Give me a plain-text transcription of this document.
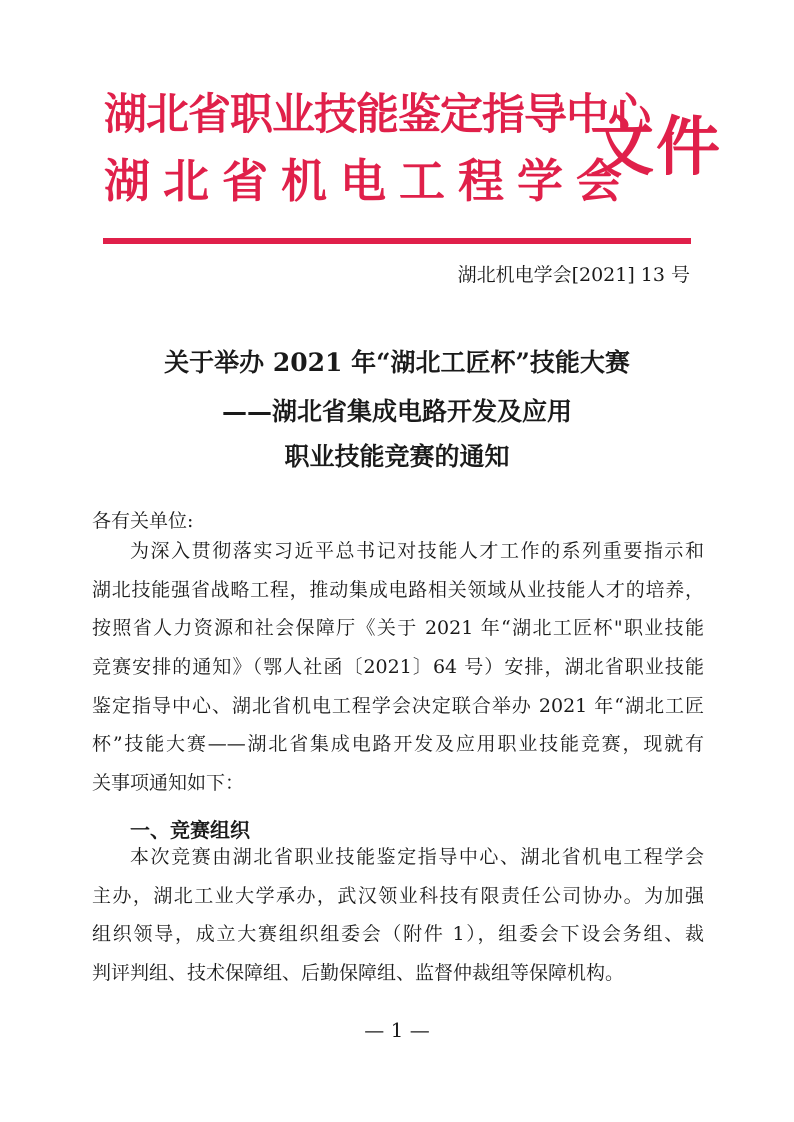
湖北省职业技能鉴定指导中心
湖北省机电工程学会
文件
湖北机电学会[2021] 13 号
关于举办 2021 年“湖北工匠杯”技能大赛
——湖北省集成电路开发及应用
职业技能竞赛的通知
各有关单位:
为深入贯彻落实习近平总书记对技能人才工作的系列重要指示和
湖北技能强省战略工程，推动集成电路相关领域从业技能人才的培养，
按照省人力资源和社会保障厅《关于 2021 年“湖北工匠杯"职业技能
竞赛安排的通知》（鄂人社函〔2021〕64 号）安排，湖北省职业技能
鉴定指导中心、湖北省机电工程学会决定联合举办 2021 年“湖北工匠
杯”技能大赛——湖北省集成电路开发及应用职业技能竞赛，现就有
关事项通知如下：
一、竞赛组织
本次竞赛由湖北省职业技能鉴定指导中心、湖北省机电工程学会
主办，湖北工业大学承办，武汉领业科技有限责任公司协办。为加强
组织领导，成立大赛组织组委会（附件 1），组委会下设会务组、裁
判评判组、技术保障组、后勤保障组、监督仲裁组等保障机构。
— 1 —
